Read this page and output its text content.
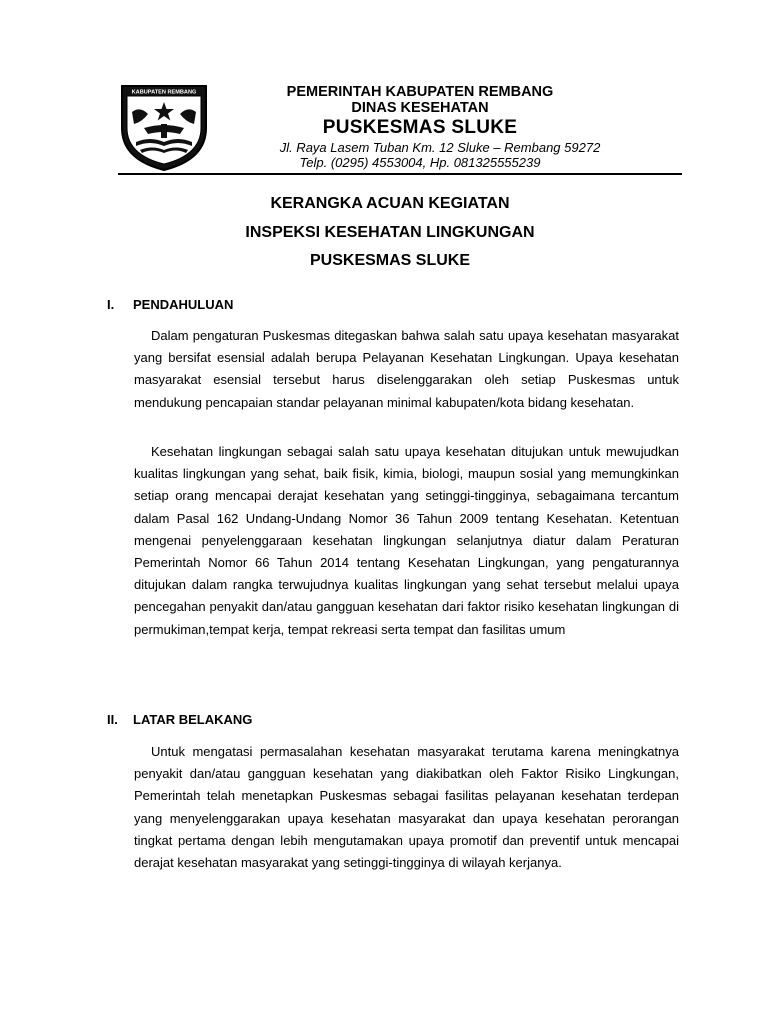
KABUPATEN REMBANG	PEMERINTAH KABUPATEN REMBANG
DINAS KESEHATAN
PUSKESMAS SLUKE
Jl. Raya Lasem Tuban Km. 12 Sluke – Rembang 59272
Telp. (0295) 4553004, Hp. 081325555239
KERANGKA ACUAN KEGIATAN
INSPEKSI KESEHATAN LINGKUNGAN
PUSKESMAS SLUKE
I. PENDAHULUAN

Dalam pengaturan Puskesmas ditegaskan bahwa salah satu upaya kesehatan masyarakat yang bersifat esensial adalah berupa Pelayanan Kesehatan Lingkungan. Upaya kesehatan masyarakat esensial tersebut harus diselenggarakan oleh setiap Puskesmas untuk mendukung pencapaian standar pelayanan minimal kabupaten/kota bidang kesehatan.

Kesehatan lingkungan sebagai salah satu upaya kesehatan ditujukan untuk mewujudkan kualitas lingkungan yang sehat, baik fisik, kimia, biologi, maupun sosial yang memungkinkan setiap orang mencapai derajat kesehatan yang setinggi-tingginya, sebagaimana tercantum dalam Pasal 162 Undang-Undang Nomor 36 Tahun 2009 tentang Kesehatan. Ketentuan mengenai penyelenggaraan kesehatan lingkungan selanjutnya diatur dalam Peraturan Pemerintah Nomor 66 Tahun 2014 tentang Kesehatan Lingkungan, yang pengaturannya ditujukan dalam rangka terwujudnya kualitas lingkungan yang sehat tersebut melalui upaya pencegahan penyakit dan/atau gangguan kesehatan dari faktor risiko kesehatan lingkungan di permukiman,tempat kerja, tempat rekreasi serta tempat dan fasilitas umum

II. LATAR BELAKANG

Untuk mengatasi permasalahan kesehatan masyarakat terutama karena meningkatnya penyakit dan/atau gangguan kesehatan yang diakibatkan oleh Faktor Risiko Lingkungan, Pemerintah telah menetapkan Puskesmas sebagai fasilitas pelayanan kesehatan terdepan yang menyelenggarakan upaya kesehatan masyarakat dan upaya kesehatan perorangan tingkat pertama dengan lebih mengutamakan upaya promotif dan preventif untuk mencapai derajat kesehatan masyarakat yang setinggi-tingginya di wilayah kerjanya.
